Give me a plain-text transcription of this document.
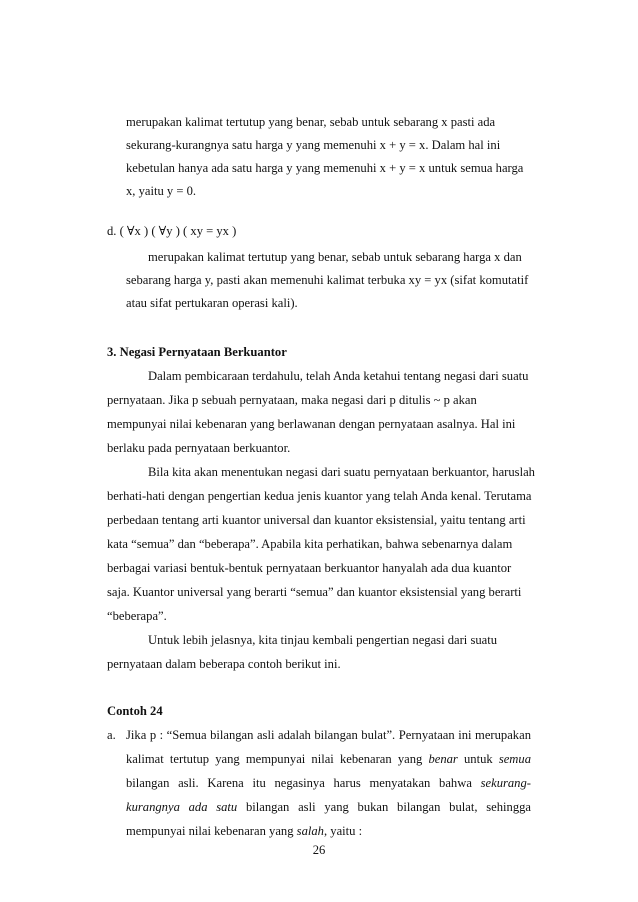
merupakan kalimat tertutup yang benar, sebab untuk sebarang x pasti ada
sekurang-kurangnya satu harga y yang memenuhi x + y = x. Dalam hal ini
kebetulan hanya ada satu harga y yang memenuhi x + y = x untuk semua harga
x, yaitu y = 0.
d. ( ∀x ) ( ∀y ) ( xy = yx )
merupakan kalimat tertutup yang benar, sebab untuk sebarang harga x dan
sebarang harga y, pasti akan memenuhi kalimat terbuka xy = yx (sifat komutatif
atau sifat pertukaran operasi kali).
3. Negasi Pernyataan Berkuantor
Dalam pembicaraan terdahulu, telah Anda ketahui tentang negasi dari suatu
pernyataan. Jika p sebuah pernyataan, maka negasi dari p ditulis ~ p akan
mempunyai nilai kebenaran yang berlawanan dengan pernyataan asalnya. Hal ini
berlaku pada pernyataan berkuantor.
Bila kita akan menentukan negasi dari suatu pernyataan berkuantor, haruslah
berhati-hati dengan pengertian kedua jenis kuantor yang telah Anda kenal. Terutama
perbedaan tentang arti kuantor universal dan kuantor eksistensial, yaitu tentang arti
kata “semua” dan “beberapa”. Apabila kita perhatikan, bahwa sebenarnya dalam
berbagai variasi bentuk-bentuk pernyataan berkuantor hanyalah ada dua kuantor
saja. Kuantor universal yang berarti “semua” dan kuantor eksistensial yang berarti
“beberapa”.
Untuk lebih jelasnya, kita tinjau kembali pengertian negasi dari suatu
pernyataan dalam beberapa contoh berikut ini.
Contoh 24
a. Jika p : “Semua bilangan asli adalah bilangan bulat”. Pernyataan ini merupakan
kalimat tertutup yang mempunyai nilai kebenaran yang benar untuk semua
bilangan asli. Karena itu negasinya harus menyatakan bahwa sekurang-
kurangnya ada satu bilangan asli yang bukan bilangan bulat, sehingga
mempunyai nilai kebenaran yang salah, yaitu :
26
